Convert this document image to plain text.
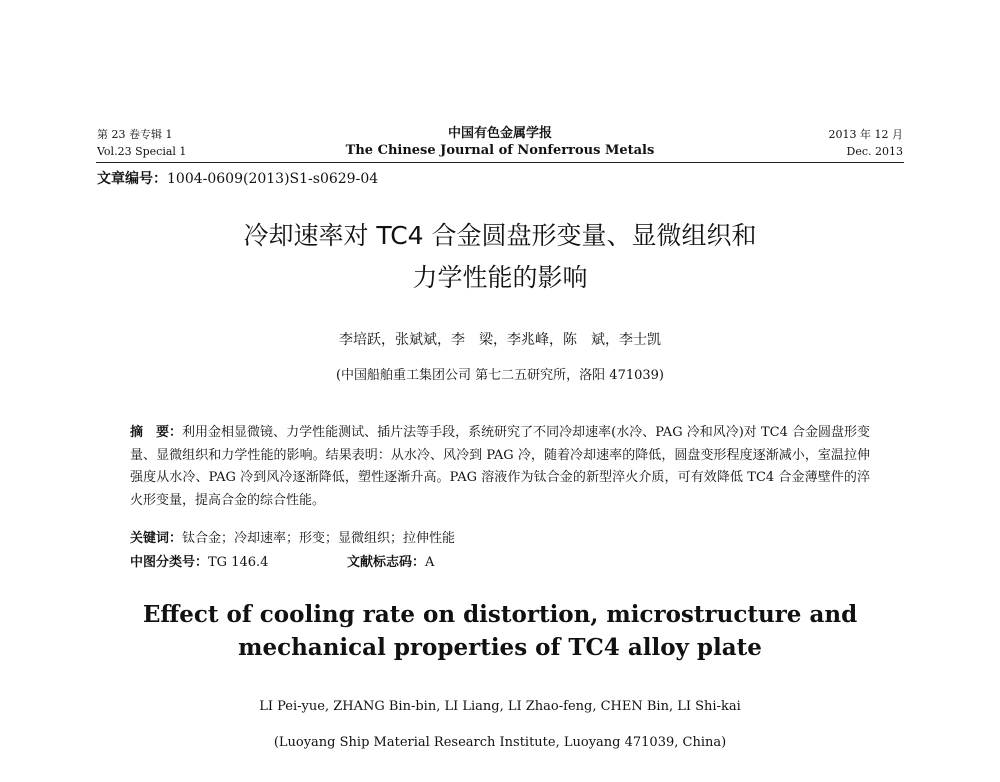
第 23 卷专辑 1
Vol.23 Special 1
中国有色金属学报
The Chinese Journal of Nonferrous Metals
2013 年 12 月
Dec. 2013
文章编号：1004-0609(2013)S1-s0629-04
冷却速率对 TC4 合金圆盘形变量、显微组织和
力学性能的影响
李培跃，张斌斌，李　梁，李兆峰，陈　斌，李士凯
(中国船舶重工集团公司 第七二五研究所，洛阳 471039)
摘　要：利用金相显微镜、力学性能测试、插片法等手段，系统研究了不同冷却速率(水冷、PAG 冷和风冷)对 TC4 合金圆盘形变量、显微组织和力学性能的影响。结果表明：从水冷、风冷到 PAG 冷，随着冷却速率的降低，圆盘变形程度逐渐减小，室温拉伸强度从水冷、PAG 冷到风冷逐渐降低，塑性逐渐升高。PAG 溶液作为钛合金的新型淬火介质，可有效降低 TC4 合金薄壁件的淬火形变量，提高合金的综合性能。
关键词：钛合金；冷却速率；形变；显微组织；拉伸性能
中图分类号：TG 146.4	文献标志码：A
Effect of cooling rate on distortion, microstructure and
mechanical properties of TC4 alloy plate
LI Pei-yue, ZHANG Bin-bin, LI Liang, LI Zhao-feng, CHEN Bin, LI Shi-kai
(Luoyang Ship Material Research Institute, Luoyang 471039, China)
